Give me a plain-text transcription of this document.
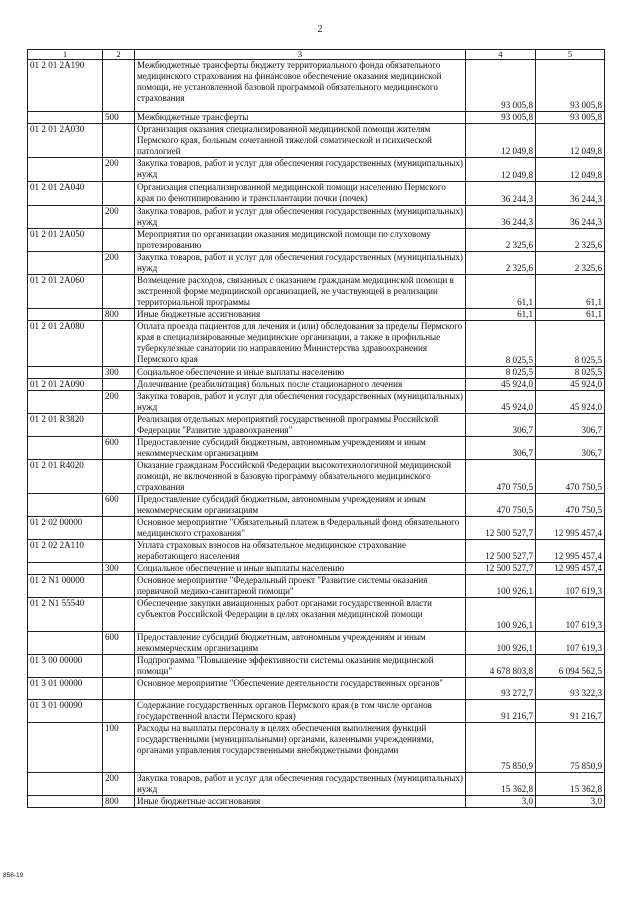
2
1	2	3	4	5
01 2 01 2A190		Межбюджетные трансферты бюджету территориального фонда обязательного медицинского страхования на финансовое обеспечение оказания медицинской помощи, не установленной базовой программой обязательного медицинского страхования	93 005,8	93 005,8
	500	Межбюджетные трансферты	93 005,8	93 005,8
01 2 01 2A030		Организация оказания специализированной медицинской помощи жителям Пермского края, больным сочетанной тяжелой соматической и психической патологией	12 049,8	12 049,8
	200	Закупка товаров, работ и услуг для обеспечения государственных (муниципальных) нужд	12 049,8	12 049,8
01 2 01 2A040		Организация специализированной медицинской помощи населению Пермского края по фенотипированию и трансплантации почки (почек)	36 244,3	36 244,3
	200	Закупка товаров, работ и услуг для обеспечения государственных (муниципальных) нужд	36 244,3	36 244,3
01 2 01 2A050		Мероприятия по организации оказания медицинской помощи по слуховому протезированию	2 325,6	2 325,6
	200	Закупка товаров, работ и услуг для обеспечения государственных (муниципальных) нужд	2 325,6	2 325,6
01 2 01 2A060		Возмещение расходов, связанных с оказанием гражданам медицинской помощи в экстренной форме медицинской организацией, не участвующей в реализации территориальной программы	61,1	61,1
	800	Иные бюджетные ассигнования	61,1	61,1
01 2 01 2A080		Оплата проезда пациентов для лечения и (или) обследования за пределы Пермского края в специализированные медицинские организации, а также в профильные туберкулезные санатории по направлению Министерства здравоохранения Пермского края	8 025,5	8 025,5
	300	Социальное обеспечение и иные выплаты населению	8 025,5	8 025,5
01 2 01 2A090		Долечивание (реабилитация) больных после стационарного лечения	45 924,0	45 924,0
	200	Закупка товаров, работ и услуг для обеспечения государственных (муниципальных) нужд	45 924,0	45 924,0
01 2 01 R3820		Реализация отдельных мероприятий государственной программы Российской Федерации "Развитие здравоохранения"	306,7	306,7
	600	Предоставление субсидий бюджетным, автономным учреждениям и иным некоммерческим организациям	306,7	306,7
01 2 01 R4020		Оказание гражданам Российской Федерации высокотехнологичной медицинской помощи, не включенной в базовую программу обязательного медицинского страхования	470 750,5	470 750,5
	600	Предоставление субсидий бюджетным, автономным учреждениям и иным некоммерческим организациям	470 750,5	470 750,5
01 2 02 00000		Основное мероприятие "Обязательный платеж в Федеральный фонд обязательного медицинского страхования"	12 500 527,7	12 995 457,4
01 2 02 2A110		Уплата страховых взносов на обязательное медицинское страхование неработающего населения	12 500 527,7	12 995 457,4
	300	Социальное обеспечение и иные выплаты населению	12 500 527,7	12 995 457,4
01 2 N1 00000		Основное мероприятие "Федеральный проект "Развитие системы оказания первичной медико-санитарной помощи"	100 926,1	107 619,3
01 2 N1 55540		Обеспечение закупки авиационных работ органами государственной власти субъектов Российской Федерации в целях оказания медицинской помощи	100 926,1	107 619,3
	600	Предоставление субсидий бюджетным, автономным учреждениям и иным некоммерческим организациям	100 926,1	107 619,3
01 3 00 00000		Подпрограмма "Повышение эффективности системы оказания медицинской помощи"	4 678 803,8	6 094 562,5
01 3 01 00000		Основное мероприятие "Обеспечение деятельности государственных органов"	93 272,7	93 322,3
01 3 01 00090		Содержание государственных органов Пермского края (в том числе органов государственной власти Пермского края)	91 216,7	91 216,7
	100	Расходы на выплаты персоналу в целях обеспечения выполнения функций государственными (муниципальными) органами, казенными учреждениями, органами управления государственными внебюджетными фондами	75 850,9	75 850,9
	200	Закупка товаров, работ и услуг для обеспечения государственных (муниципальных) нужд	15 362,8	15 362,8
	800	Иные бюджетные ассигнования	3,0	3,0
858-19
